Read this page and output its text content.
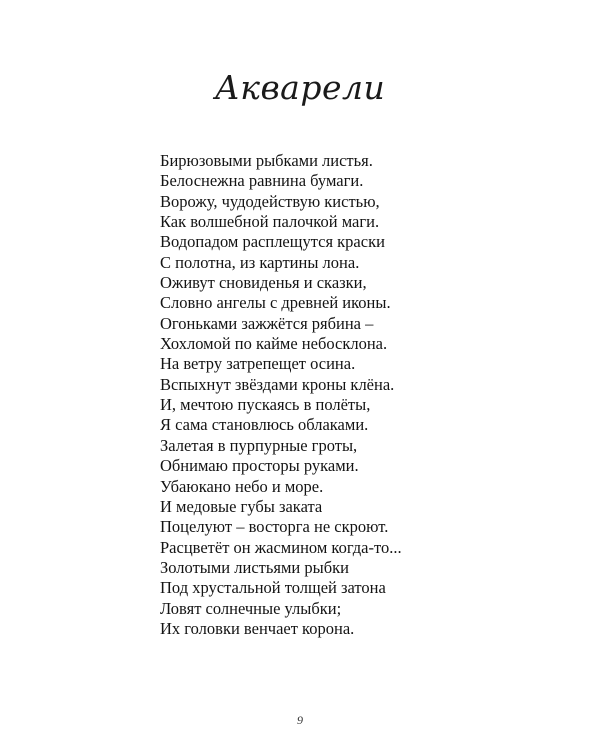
Акварели
Бирюзовыми рыбками листья.
Белоснежна равнина бумаги.
Ворожу, чудодействую кистью,
Как волшебной палочкой маги.
Водопадом расплещутся краски
С полотна, из картины лона.
Оживут сновиденья и сказки,
Словно ангелы с древней иконы.
Огоньками зажжётся рябина –
Хохломой по кайме небосклона.
На ветру затрепещет осина.
Вспыхнут звёздами кроны клёна.
И, мечтою пускаясь в полёты,
Я сама становлюсь облаками.
Залетая в пурпурные гроты,
Обнимаю просторы руками.
Убаюкано небо и море.
И медовые губы заката
Поцелуют – восторга не скроют.
Расцветёт он жасмином когда-то...
Золотыми листьями рыбки
Под хрустальной толщей затона
Ловят солнечные улыбки;
Их головки венчает корона.
9
